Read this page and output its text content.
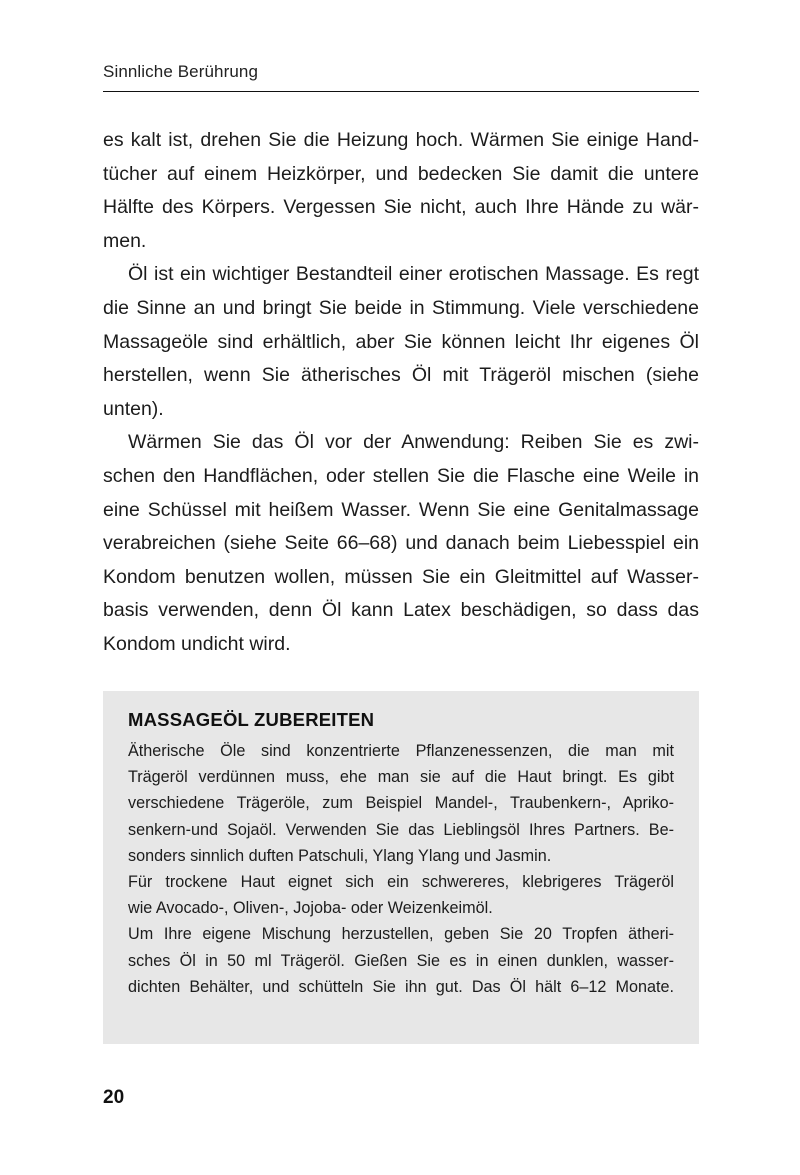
Sinnliche Berührung

es kalt ist, drehen Sie die Heizung hoch. Wärmen Sie einige Hand-
tücher auf einem Heizkörper, und bedecken Sie damit die untere
Hälfte des Körpers. Vergessen Sie nicht, auch Ihre Hände zu wär-
men.

Öl ist ein wichtiger Bestandteil einer erotischen Massage. Es regt
die Sinne an und bringt Sie beide in Stimmung. Viele verschiedene
Massageöle sind erhältlich, aber Sie können leicht Ihr eigenes Öl
herstellen, wenn Sie ätherisches Öl mit Trägeröl mischen (siehe
unten).

Wärmen Sie das Öl vor der Anwendung: Reiben Sie es zwi-
schen den Handflächen, oder stellen Sie die Flasche eine Weile in
eine Schüssel mit heißem Wasser. Wenn Sie eine Genitalmassage
verabreichen (siehe Seite 66–68) und danach beim Liebesspiel ein
Kondom benutzen wollen, müssen Sie ein Gleitmittel auf Wasser-
basis verwenden, denn Öl kann Latex beschädigen, so dass das
Kondom undicht wird.

MASSAGEÖL ZUBEREITEN
Ätherische Öle sind konzentrierte Pflanzenessenzen, die man mit
Trägeröl verdünnen muss, ehe man sie auf die Haut bringt. Es gibt
verschiedene Trägeröle, zum Beispiel Mandel-, Traubenkern-, Apriko-
senkern-und Sojaöl. Verwenden Sie das Lieblingsöl Ihres Partners. Be-
sonders sinnlich duften Patschuli, Ylang Ylang und Jasmin.
Für trockene Haut eignet sich ein schwereres, klebrigeres Trägeröl
wie Avocado-, Oliven-, Jojoba- oder Weizenkeimöl.
Um Ihre eigene Mischung herzustellen, geben Sie 20 Tropfen ätheri-
sches Öl in 50 ml Trägeröl. Gießen Sie es in einen dunklen, wasser-
dichten Behälter, und schütteln Sie ihn gut. Das Öl hält 6–12 Monate.
20
